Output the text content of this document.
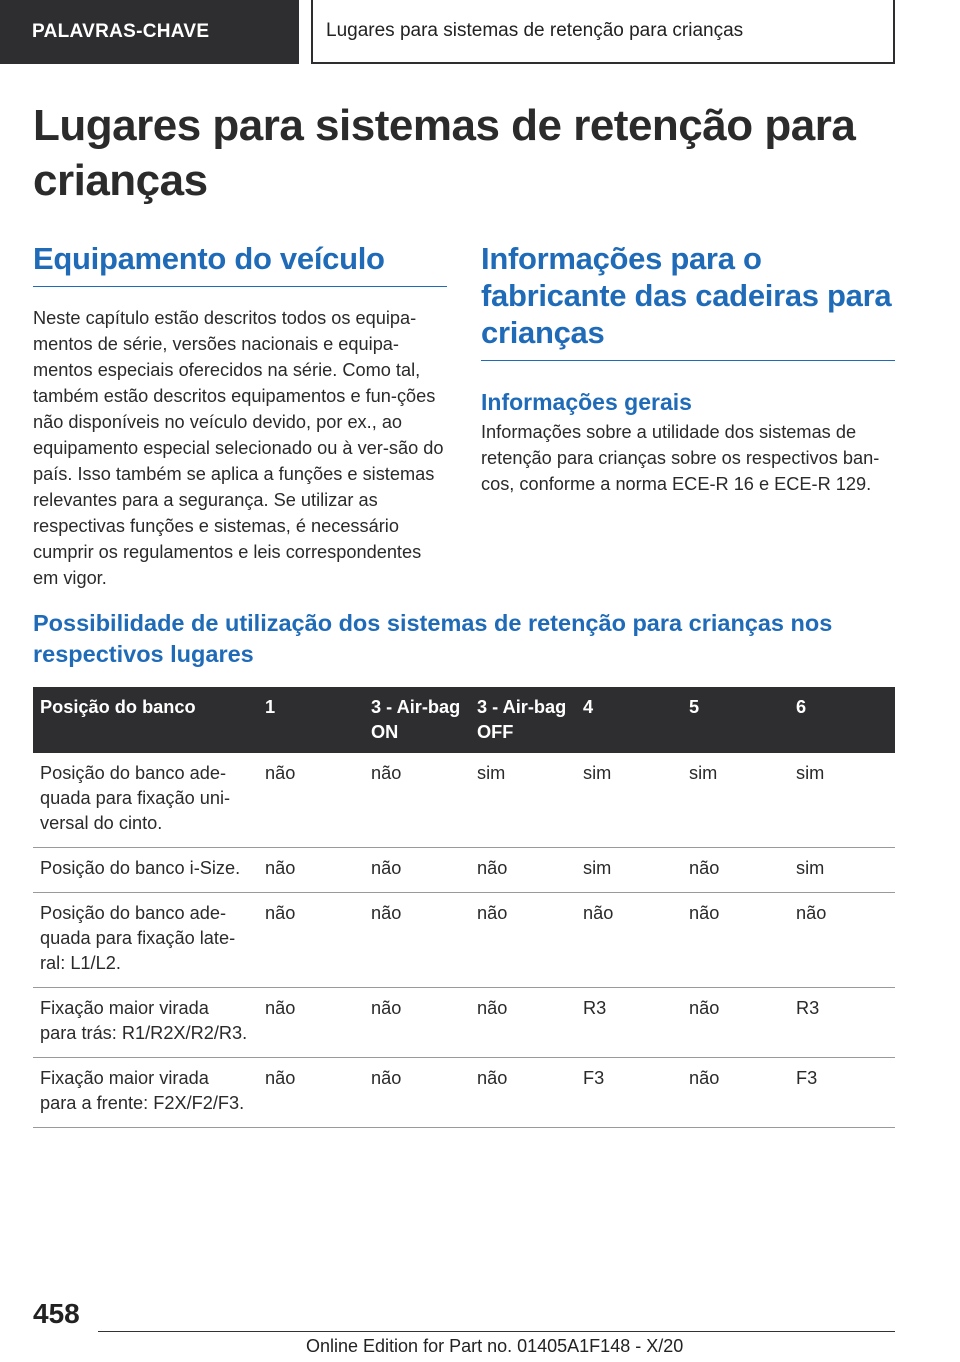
PALAVRAS-CHAVE	Lugares para sistemas de retenção para crianças
Lugares para sistemas de retenção para crianças
Equipamento do veículo

Neste capítulo estão descritos todos os equipa-mentos de série, versões nacionais e equipa-mentos especiais oferecidos na série. Como tal, também estão descritos equipamentos e fun-ções não disponíveis no veículo devido, por ex., ao equipamento especial selecionado ou à ver-são do país. Isso também se aplica a funções e sistemas relevantes para a segurança. Se utilizar as respectivas funções e sistemas, é necessário cumprir os regulamentos e leis correspondentes em vigor.

Informações para o fabricante das cadeiras para crianças
Informações gerais

Informações sobre a utilidade dos sistemas de retenção para crianças sobre os respectivos ban-cos, conforme a norma ECE-R 16 e ECE-R 129.

Possibilidade de utilização dos sistemas de retenção para crianças nos respectivos lugares
Posição do banco	1	3 - Air-bag ON	3 - Air-bag OFF	4	5	6
Posição do banco ade-quada para fixação uni-versal do cinto.	não	não	sim	sim	sim	sim
Posição do banco i-Size.	não	não	não	sim	não	sim
Posição do banco ade-quada para fixação late-ral: L1/L2.	não	não	não	não	não	não
Fixação maior virada para trás: R1/R2X/R2/R3.	não	não	não	R3	não	R3
Fixação maior virada para a frente: F2X/F2/F3.	não	não	não	F3	não	F3
458
Online Edition for Part no. 01405A1F148 - X/20
